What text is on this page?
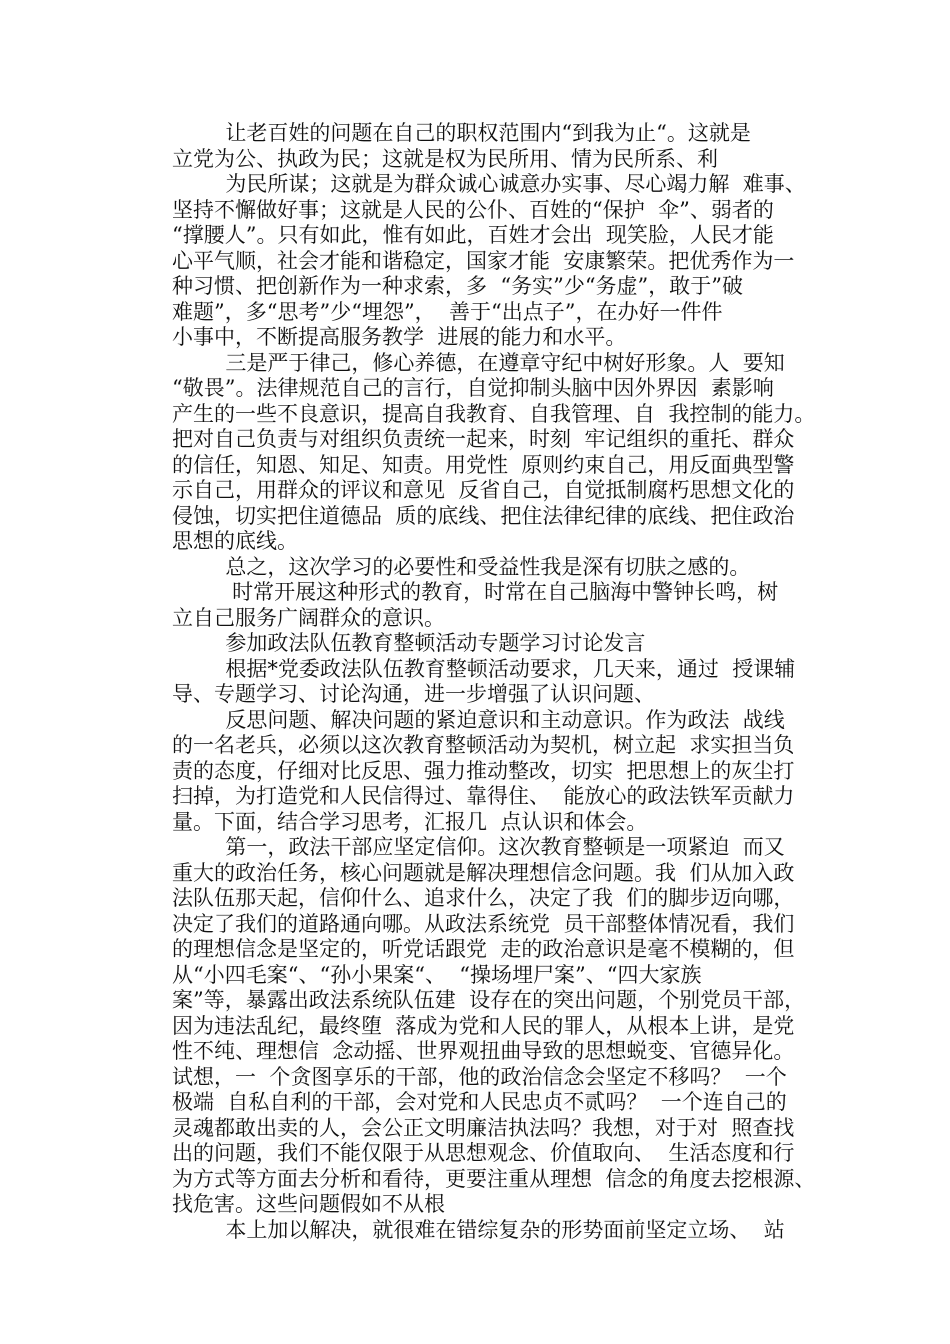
让老百姓的问题在自己的职权范围内“到我为止“。这就是
立党为公、执政为民；这就是权为民所用、情为民所系、利
为民所谋；这就是为群众诚心诚意办实事、尽心竭力解  难事、
坚持不懈做好事；这就是人民的公仆、百姓的“保护  伞”、弱者的
“撑腰人”。只有如此，惟有如此，百姓才会出  现笑脸，人民才能
心平气顺，社会才能和谐稳定，国家才能  安康繁荣。把优秀作为一
种习惯、把创新作为一种求索，多  “务实”少“务虚”，敢于”破
难题”，多“思考”少“埋怨”，  善于“出点子”，在办好一件件
小事中，不断提高服务教学  进展的能力和水平。
三是严于律己，修心养德，在遵章守纪中树好形象。人  要知
“敬畏”。法律规范自己的言行，自觉抑制头脑中因外界因  素影响
产生的一些不良意识，提高自我教育、自我管理、自  我控制的能力。
把对自己负责与对组织负责统一起来，时刻  牢记组织的重托、群众
的信任，知恩、知足、知责。用党性  原则约束自己，用反面典型警
示自己，用群众的评议和意见  反省自己，自觉抵制腐朽思想文化的
侵蚀，切实把住道德品  质的底线、把住法律纪律的底线、把住政治
思想的底线。
总之，这次学习的必要性和受益性我是深有切肤之感的。
时常开展这种形式的教育，时常在自己脑海中警钟长鸣，树
立自己服务广阔群众的意识。
参加政法队伍教育整顿活动专题学习讨论发言
根据*党委政法队伍教育整顿活动要求，几天来，通过  授课辅
导、专题学习、讨论沟通，进一步增强了认识问题、
反思问题、解决问题的紧迫意识和主动意识。作为政法  战线
的一名老兵，必须以这次教育整顿活动为契机，树立起  求实担当负
责的态度，仔细对比反思、强力推动整改，切实  把思想上的灰尘打
扫掉，为打造党和人民信得过、靠得住、  能放心的政法铁军贡献力
量。下面，结合学习思考，汇报几  点认识和体会。
第一，政法干部应坚定信仰。这次教育整顿是一项紧迫  而又
重大的政治任务，核心问题就是解决理想信念问题。我  们从加入政
法队伍那天起，信仰什么、追求什么，决定了我  们的脚步迈向哪，
决定了我们的道路通向哪。从政法系统党  员干部整体情况看，我们
的理想信念是坚定的，听党话跟党  走的政治意识是毫不模糊的，但
从“小四毛案“、“孙小果案“、  “操场埋尸案”、“四大家族
案”等，暴露出政法系统队伍建  设存在的突出问题，个别党员干部，
因为违法乱纪，最终堕  落成为党和人民的罪人，从根本上讲，是党
性不纯、理想信  念动摇、世界观扭曲导致的思想蜕变、官德异化。
试想，一  个贪图享乐的干部，他的政治信念会坚定不移吗？  一个
极端  自私自利的干部，会对党和人民忠贞不贰吗？  一个连自己的
灵魂都敢出卖的人，会公正文明廉洁执法吗？我想，对于对  照查找
出的问题，我们不能仅限于从思想观念、价值取向、  生活态度和行
为方式等方面去分析和看待，更要注重从理想  信念的角度去挖根源、
找危害。这些问题假如不从根
本上加以解决，就很难在错综复杂的形势面前坚定立场、  站
